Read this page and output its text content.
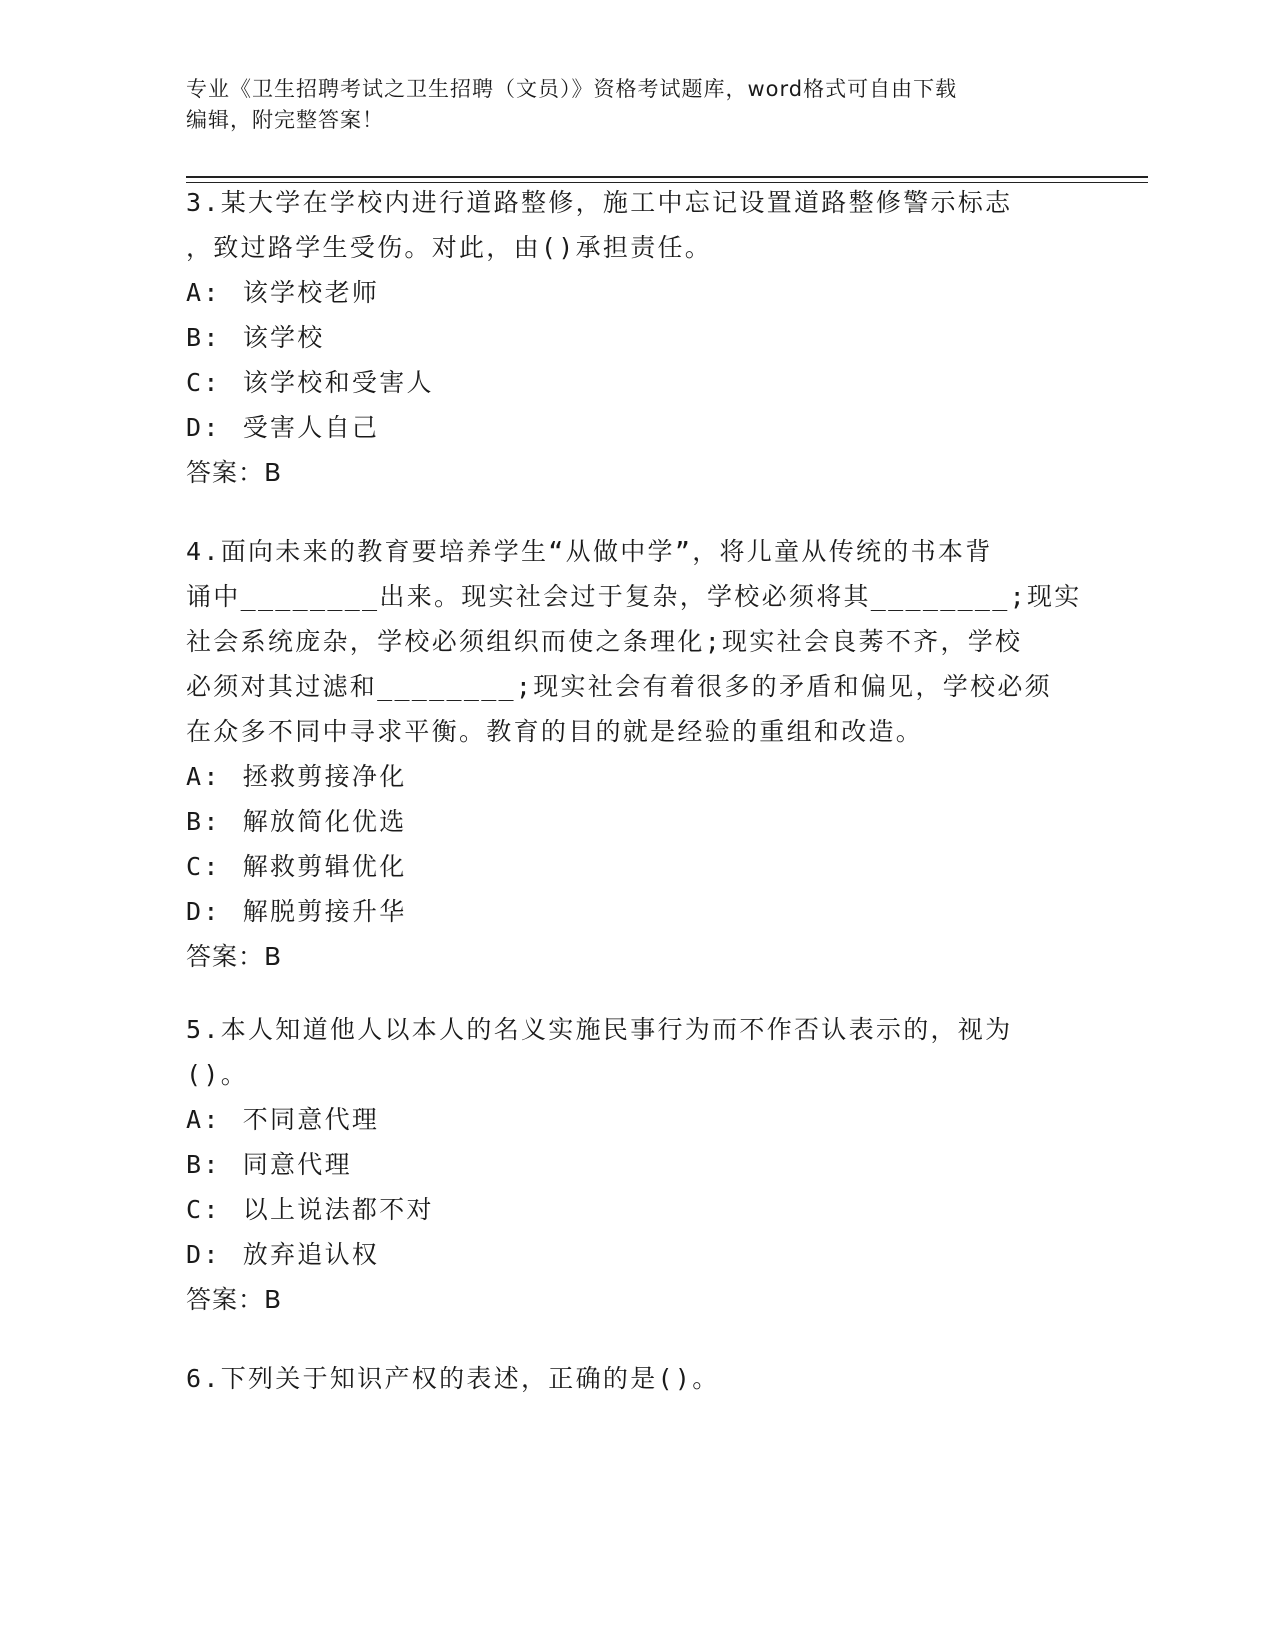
专业《卫生招聘考试之卫生招聘（文员）》资格考试题库，word格式可自由下载
编辑，附完整答案！
3.某大学在学校内进行道路整修，施工中忘记设置道路整修警示标志
，致过路学生受伤。对此，由()承担责任。
A: 该学校老师
B: 该学校
C: 该学校和受害人
D: 受害人自己
答案：B
4.面向未来的教育要培养学生“从做中学”，将儿童从传统的书本背
诵中________出来。现实社会过于复杂，学校必须将其________;现实
社会系统庞杂，学校必须组织而使之条理化;现实社会良莠不齐，学校
必须对其过滤和________;现实社会有着很多的矛盾和偏见，学校必须
在众多不同中寻求平衡。教育的目的就是经验的重组和改造。
A: 拯救剪接净化
B: 解放简化优选
C: 解救剪辑优化
D: 解脱剪接升华
答案：B
5.本人知道他人以本人的名义实施民事行为而不作否认表示的，视为
()。
A: 不同意代理
B: 同意代理
C: 以上说法都不对
D: 放弃追认权
答案：B
6.下列关于知识产权的表述，正确的是()。
